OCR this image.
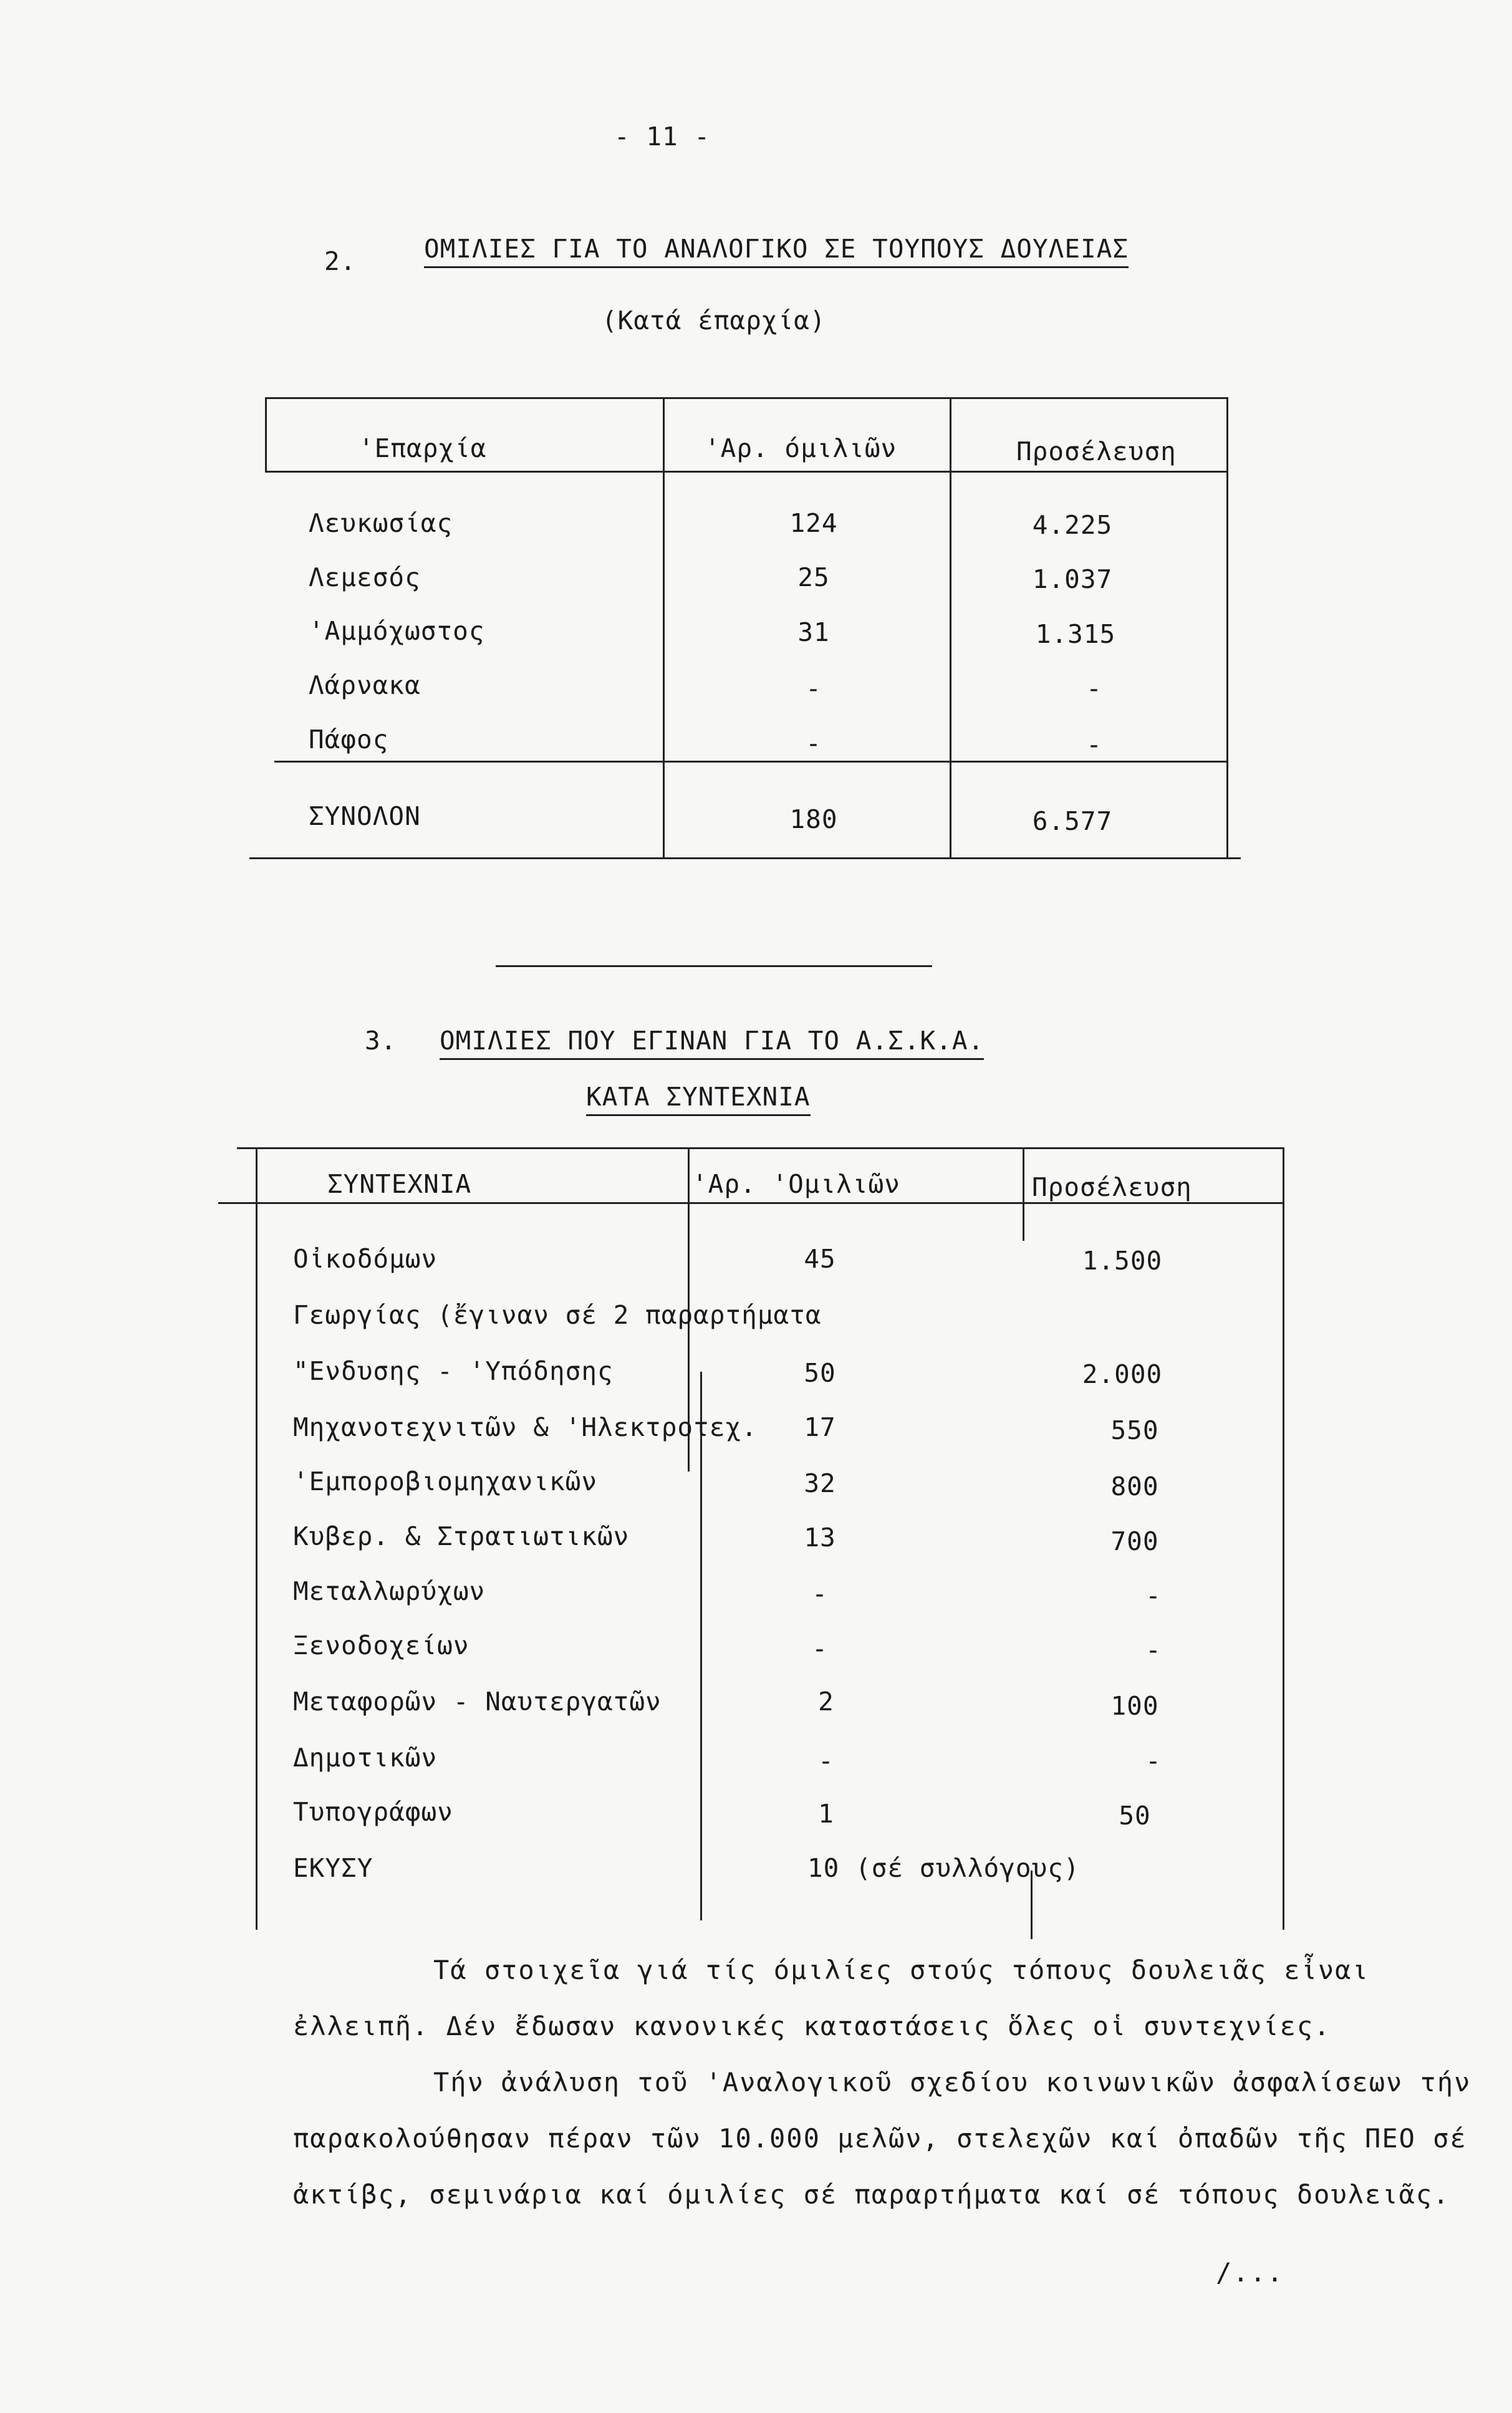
- 11 -
2.	ΟΜΙΛΙΕΣ ΓΙΑ ΤΟ ΑΝΑΛΟΓΙΚΟ ΣΕ ΤΟΥΠΟΥΣ ΔΟΥΛΕΙΑΣ
(Κατά έπαρχία)
'Επαρχία	'Αρ. όμιλιῶν	Προσέλευση
Λευκωσίας	124	4.225
Λεμεσός	25	1.037
'Αμμόχωστος	31	1.315
Λάρνακα	-	-
Πάφος	-	-
ΣΥΝΟΛΟΝ	180	6.577
3. ΟΜΙΛΙΕΣ ΠΟΥ ΕΓΙΝΑΝ ΓΙΑ ΤΟ Α.Σ.Κ.Α.
ΚΑΤΑ ΣΥΝΤΕΧΝΙΑ
ΣΥΝΤΕΧΝΙΑ	'Αρ. 'Ομιλιῶν	Προσέλευση
Οἰκοδόμων	45	1.500
Γεωργίας (ἔγιναν σέ 2 παραρτήματα
"Ενδυσης - 'Υπόδησης	50	2.000
Μηχανοτεχνιτῶν & 'Ηλεκτροτεχ.	17	550
'Εμποροβιομηχανικῶν	32	800
Κυβερ. & Στρατιωτικῶν	13	700
Μεταλλωρύχων	-	-
Ξενοδοχείων	-	-
Μεταφορῶν - Ναυτεργατῶν	2	100
Δημοτικῶν	-	-
Τυπογράφων	1	50
ΕΚΥΣΥ	10 (σέ συλλόγους)
Τά στοιχεῖα γιά τίς όμιλίες στούς τόπους δουλειᾶς εἶναι
ἐλλειπῆ. Δέν ἔδωσαν κανονικές καταστάσεις ὅλες οἱ συντεχνίες.
Τήν ἀνάλυση τοῦ 'Αναλογικοῦ σχεδίου κοινωνικῶν ἀσφαλίσεων τήν
παρακολούθησαν πέραν τῶν 10.000 μελῶν, στελεχῶν καί ὀπαδῶν τῆς ΠΕΟ σέ
ἀκτίβς, σεμινάρια καί όμιλίες σέ παραρτήματα καί σέ τόπους δουλειᾶς.
/...
